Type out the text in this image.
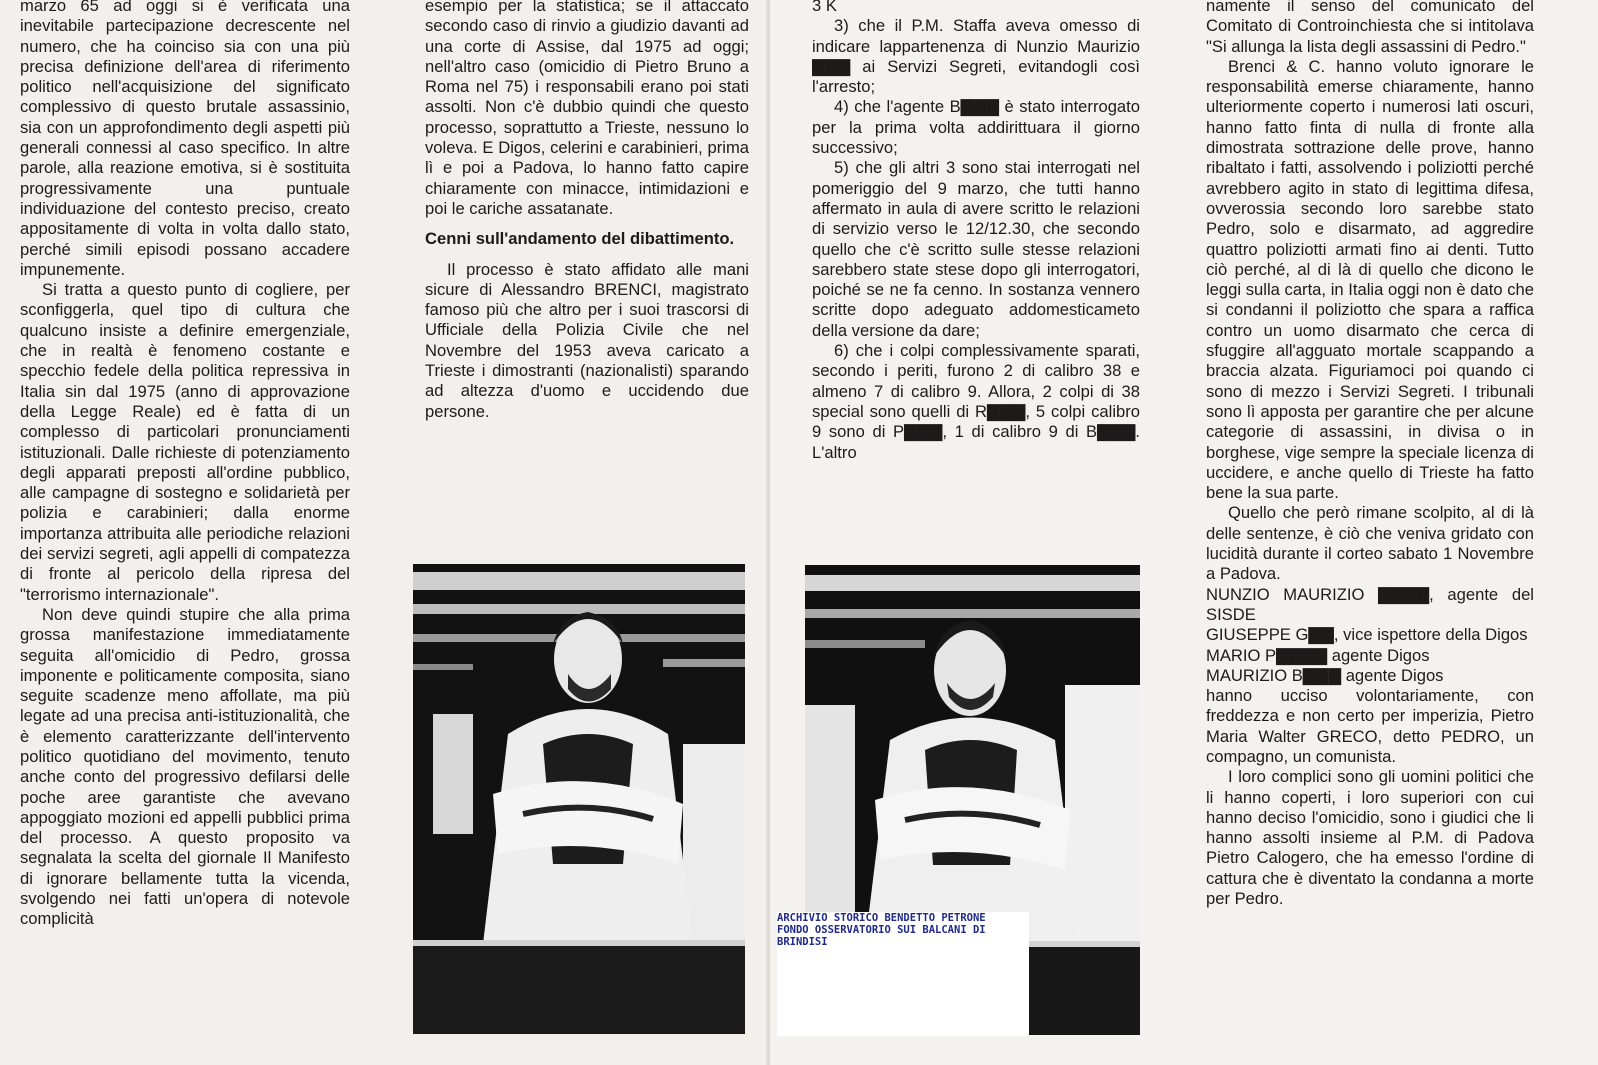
marzo 65 ad oggi si è verificata una inevitabile partecipazione decrescente nel numero, che ha coinciso sia con una più precisa definizione dell'area di riferimento politico nell'acquisizione del significato complessivo di questo brutale assassinio, sia con un approfondimento degli aspetti più generali connessi al caso specifico. In altre parole, alla reazione emotiva, si è sostituita progressivamente una puntuale individuazione del contesto preciso, creato appositamente di volta in volta dallo stato, perché simili episodi possano accadere impunemente.

Si tratta a questo punto di cogliere, per sconfiggerla, quel tipo di cultura che qualcuno insiste a definire emergenziale, che in realtà è fenomeno costante e specchio fedele della politica repressiva in Italia sin dal 1975 (anno di approvazione della Legge Reale) ed è fatta di un complesso di particolari pronunciamenti istituzionali. Dalle richieste di potenziamento degli apparati preposti all'ordine pubblico, alle campagne di sostegno e solidarietà per polizia e carabinieri; dalla enorme importanza attribuita alle periodiche relazioni dei servizi segreti, agli appelli di compatezza di fronte al pericolo della ripresa del "terrorismo internazionale".

Non deve quindi stupire che alla prima grossa manifestazione immediatamente seguita all'omicidio di Pedro, grossa imponente e politicamente composita, siano seguite scadenze meno affollate, ma più legate ad una precisa anti-istituzionalità, che è elemento caratterizzante dell'intervento politico quotidiano del movimento, tenuto anche conto del progressivo defilarsi delle poche aree garantiste che avevano appoggiato mozioni ed appelli pubblici prima del processo. A questo proposito va segnalata la scelta del giornale Il Manifesto di ignorare bellamente tutta la vicenda, svolgendo nei fatti un'opera di notevole complicità

esempio per la statistica; se il attaccato secondo caso di rinvio a giudizio davanti ad una corte di Assise, dal 1975 ad oggi; nell'altro caso (omicidio di Pietro Bruno a Roma nel 75) i responsabili erano poi stati assolti. Non c'è dubbio quindi che questo processo, soprattutto a Trieste, nessuno lo voleva. E Digos, celerini e carabinieri, prima lì e poi a Padova, lo hanno fatto capire chiaramente con minacce, intimidazioni e poi le cariche assatanate.

Cenni sull'andamento del dibattimento.

Il processo è stato affidato alle mani sicure di Alessandro BRENCI, magistrato famoso più che altro per i suoi trascorsi di Ufficiale della Polizia Civile che nel Novembre del 1953 aveva caricato a Trieste i dimostranti (nazionalisti) sparando ad altezza d'uomo e uccidendo due persone.

3 K

3) che il P.M. Staffa aveva omesso di indicare lappartenenza di Nunzio Maurizio ▇▇▇ ai Servizi Segreti, evitandogli così l'arresto;

4) che l'agente B▇▇▇ è stato interrogato per la prima volta addirittuara il giorno successivo;

5) che gli altri 3 sono stai interrogati nel pomeriggio del 9 marzo, che tutti hanno affermato in aula di avere scritto le relazioni di servizio verso le 12/12.30, che secondo quello che c'è scritto sulle stesse relazioni sarebbero state stese dopo gli interrogatori, poiché se ne fa cenno. In sostanza vennero scritte dopo adeguato addomesticameto della versione da dare;

6) che i colpi complessivamente sparati, secondo i periti, furono 2 di calibro 38 e almeno 7 di calibro 9. Allora, 2 colpi di 38 special sono quelli di R▇▇▇, 5 colpi calibro 9 sono di P▇▇▇, 1 di calibro 9 di B▇▇▇. L'altro

namente il senso del comunicato del Comitato di Controinchiesta che si intitolava "Si allunga la lista degli assassini di Pedro."

Brenci & C. hanno voluto ignorare le responsabilità emerse chiaramente, hanno ulteriormente coperto i numerosi lati oscuri, hanno fatto finta di nulla di fronte alla dimostrata sottrazione delle prove, hanno ribaltato i fatti, assolvendo i poliziotti perché avrebbero agito in stato di legittima difesa, ovverossia secondo loro sarebbe stato Pedro, solo e disarmato, ad aggredire quattro poliziotti armati fino ai denti. Tutto ciò perché, al di là di quello che dicono le leggi sulla carta, in Italia oggi non è dato che si condanni il poliziotto che spara a raffica contro un uomo disarmato che cerca di sfuggire all'agguato mortale scappando a braccia alzata. Figuriamoci poi quando ci sono di mezzo i Servizi Segreti. I tribunali sono lì apposta per garantire che per alcune categorie di assassini, in divisa o in borghese, vige sempre la speciale licenza di uccidere, e anche quello di Trieste ha fatto bene la sua parte.

Quello che però rimane scolpito, al di là delle sentenze, è ciò che veniva gridato con lucidità durante il corteo sabato 1 Novembre a Padova.

NUNZIO MAURIZIO ▇▇▇▇, agente del SISDE

GIUSEPPE G▇▇, vice ispettore della Digos

MARIO P▇▇▇▇ agente Digos

MAURIZIO B▇▇▇ agente Digos

hanno ucciso volontariamente, con freddezza e non certo per imperizia, Pietro Maria Walter GRECO, detto PEDRO, un compagno, un comunista.

I loro complici sono gli uomini politici che li hanno coperti, i loro superiori con cui hanno deciso l'omicidio, sono i giudici che li hanno assolti insieme al P.M. di Padova Pietro Calogero, che ha emesso l'ordine di cattura che è diventato la condanna a morte per Pedro.

ARCHIVIO STORICO BENDETTO PETRONE
FONDO OSSERVATORIO SUI BALCANI DI
BRINDISI
